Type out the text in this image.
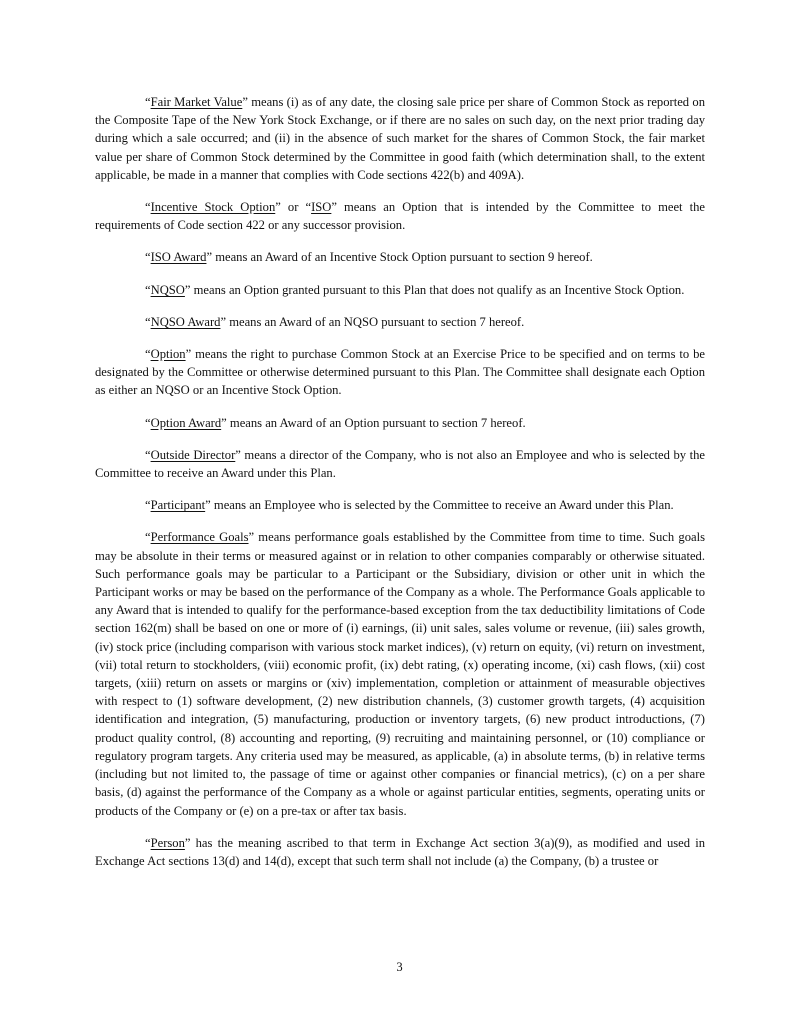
“Fair Market Value” means (i) as of any date, the closing sale price per share of Common Stock as reported on the Composite Tape of the New York Stock Exchange, or if there are no sales on such day, on the next prior trading day during which a sale occurred; and (ii) in the absence of such market for the shares of Common Stock, the fair market value per share of Common Stock determined by the Committee in good faith (which determination shall, to the extent applicable, be made in a manner that complies with Code sections 422(b) and 409A).

“Incentive Stock Option” or “ISO” means an Option that is intended by the Committee to meet the requirements of Code section 422 or any successor provision.

“ISO Award” means an Award of an Incentive Stock Option pursuant to section 9 hereof.

“NQSO” means an Option granted pursuant to this Plan that does not qualify as an Incentive Stock Option.

“NQSO Award” means an Award of an NQSO pursuant to section 7 hereof.

“Option” means the right to purchase Common Stock at an Exercise Price to be specified and on terms to be designated by the Committee or otherwise determined pursuant to this Plan. The Committee shall designate each Option as either an NQSO or an Incentive Stock Option.

“Option Award” means an Award of an Option pursuant to section 7 hereof.

“Outside Director” means a director of the Company, who is not also an Employee and who is selected by the Committee to receive an Award under this Plan.

“Participant” means an Employee who is selected by the Committee to receive an Award under this Plan.

“Performance Goals” means performance goals established by the Committee from time to time. Such goals may be absolute in their terms or measured against or in relation to other companies comparably or otherwise situated. Such performance goals may be particular to a Participant or the Subsidiary, division or other unit in which the Participant works or may be based on the performance of the Company as a whole. The Performance Goals applicable to any Award that is intended to qualify for the performance-based exception from the tax deductibility limitations of Code section 162(m) shall be based on one or more of (i) earnings, (ii) unit sales, sales volume or revenue, (iii) sales growth, (iv) stock price (including comparison with various stock market indices), (v) return on equity, (vi) return on investment, (vii) total return to stockholders, (viii) economic profit, (ix) debt rating, (x) operating income, (xi) cash flows, (xii) cost targets, (xiii) return on assets or margins or (xiv) implementation, completion or attainment of measurable objectives with respect to (1) software development, (2) new distribution channels, (3) customer growth targets, (4) acquisition identification and integration, (5) manufacturing, production or inventory targets, (6) new product introductions, (7) product quality control, (8) accounting and reporting, (9) recruiting and maintaining personnel, or (10) compliance or regulatory program targets. Any criteria used may be measured, as applicable, (a) in absolute terms, (b) in relative terms (including but not limited to, the passage of time or against other companies or financial metrics), (c) on a per share basis, (d) against the performance of the Company as a whole or against particular entities, segments, operating units or products of the Company or (e) on a pre-tax or after tax basis.

“Person” has the meaning ascribed to that term in Exchange Act section 3(a)(9), as modified and used in Exchange Act sections 13(d) and 14(d), except that such term shall not include (a) the Company, (b) a trustee or

3
